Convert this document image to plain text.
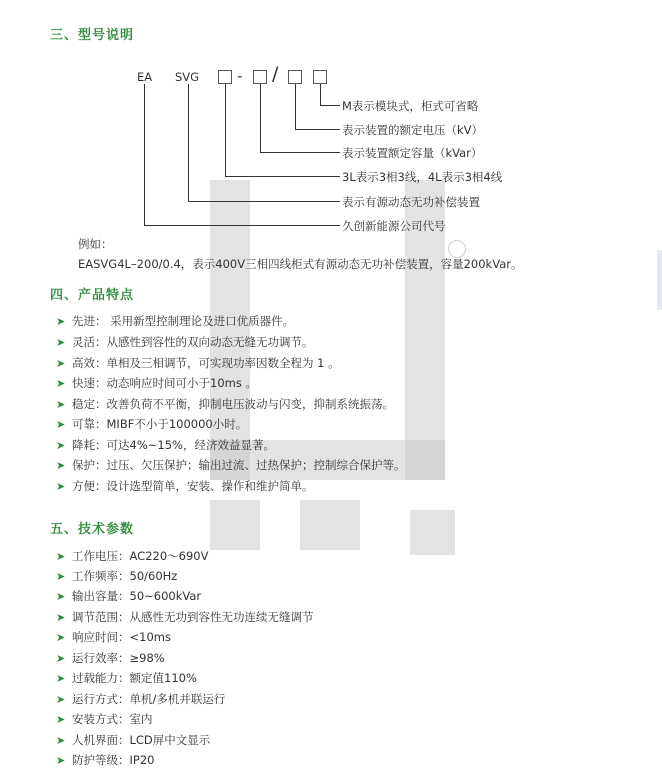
三、型号说明
EA SVG	- /
M表示模块式，柜式可省略
表示装置的额定电压（kV）
表示装置额定容量（kVar）
3L表示3相3线，4L表示3相4线
表示有源动态无功补偿装置
久创新能源公司代号
例如：
EASVG4L–200/0.4，表示400V三相四线柜式有源动态无功补偿装置，容量200kVar。
四、产品特点
➤ 先进： 采用新型控制理论及进口优质器件。
➤ 灵活：从感性到容性的双向动态无缝无功调节。
➤ 高效：单相及三相调节，可实现功率因数全程为 1 。
➤ 快速：动态响应时间可小于10ms 。
➤ 稳定：改善负荷不平衡，抑制电压波动与闪变，抑制系统振荡。
➤ 可靠：MIBF不小于100000小时。
➤ 降耗：可达4%~15%，经济效益显著。
➤ 保护：过压、欠压保护；输出过流、过热保护；控制综合保护等。
➤ 方便：设计选型简单，安装、操作和维护简单。
五、技术参数
➤ 工作电压：AC220～690V
➤ 工作频率：50/60Hz
➤ 输出容量：50~600kVar
➤ 调节范围：从感性无功到容性无功连续无缝调节
➤ 响应时间：<10ms
➤ 运行效率：≥98%
➤ 过载能力：额定值110%
➤ 运行方式：单机/多机并联运行
➤ 安装方式：室内
➤ 人机界面：LCD屏中文显示
➤ 防护等级：IP20
